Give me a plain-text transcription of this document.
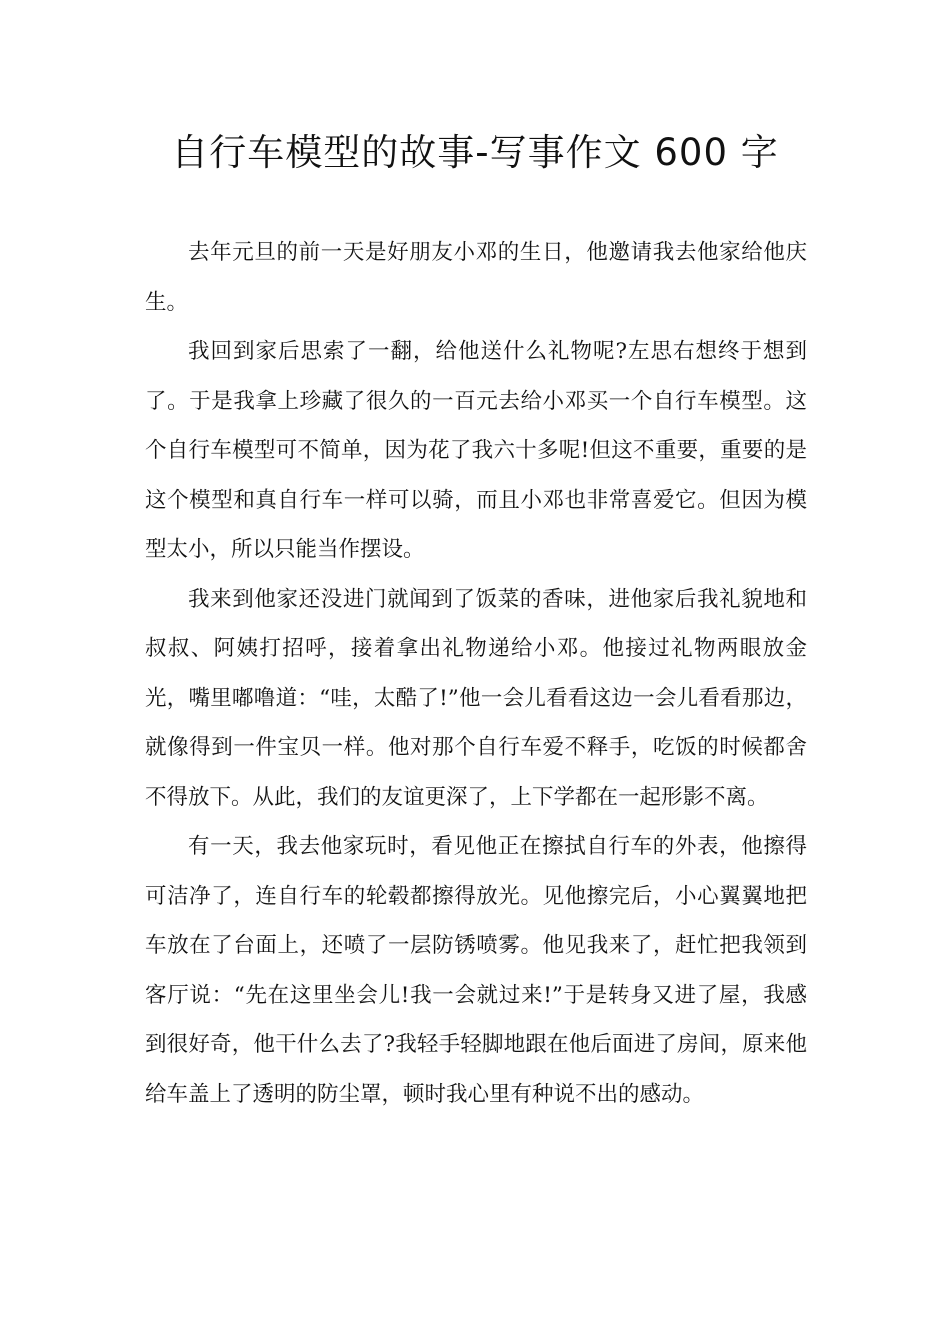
自行车模型的故事-写事作文 600 字

去年元旦的前一天是好朋友小邓的生日，他邀请我去他家给他庆生。

我回到家后思索了一翻，给他送什么礼物呢?左思右想终于想到了。于是我拿上珍藏了很久的一百元去给小邓买一个自行车模型。这个自行车模型可不简单，因为花了我六十多呢!但这不重要，重要的是这个模型和真自行车一样可以骑，而且小邓也非常喜爱它。但因为模型太小，所以只能当作摆设。

我来到他家还没进门就闻到了饭菜的香味，进他家后我礼貌地和叔叔、阿姨打招呼，接着拿出礼物递给小邓。他接过礼物两眼放金光，嘴里嘟噜道：“哇，太酷了!”他一会儿看看这边一会儿看看那边，就像得到一件宝贝一样。他对那个自行车爱不释手，吃饭的时候都舍不得放下。从此，我们的友谊更深了，上下学都在一起形影不离。

有一天，我去他家玩时，看见他正在擦拭自行车的外表，他擦得可洁净了，连自行车的轮毂都擦得放光。见他擦完后，小心翼翼地把车放在了台面上，还喷了一层防锈喷雾。他见我来了，赶忙把我领到客厅说：“先在这里坐会儿!我一会就过来!”于是转身又进了屋，我感到很好奇，他干什么去了?我轻手轻脚地跟在他后面进了房间，原来他给车盖上了透明的防尘罩，顿时我心里有种说不出的感动。
